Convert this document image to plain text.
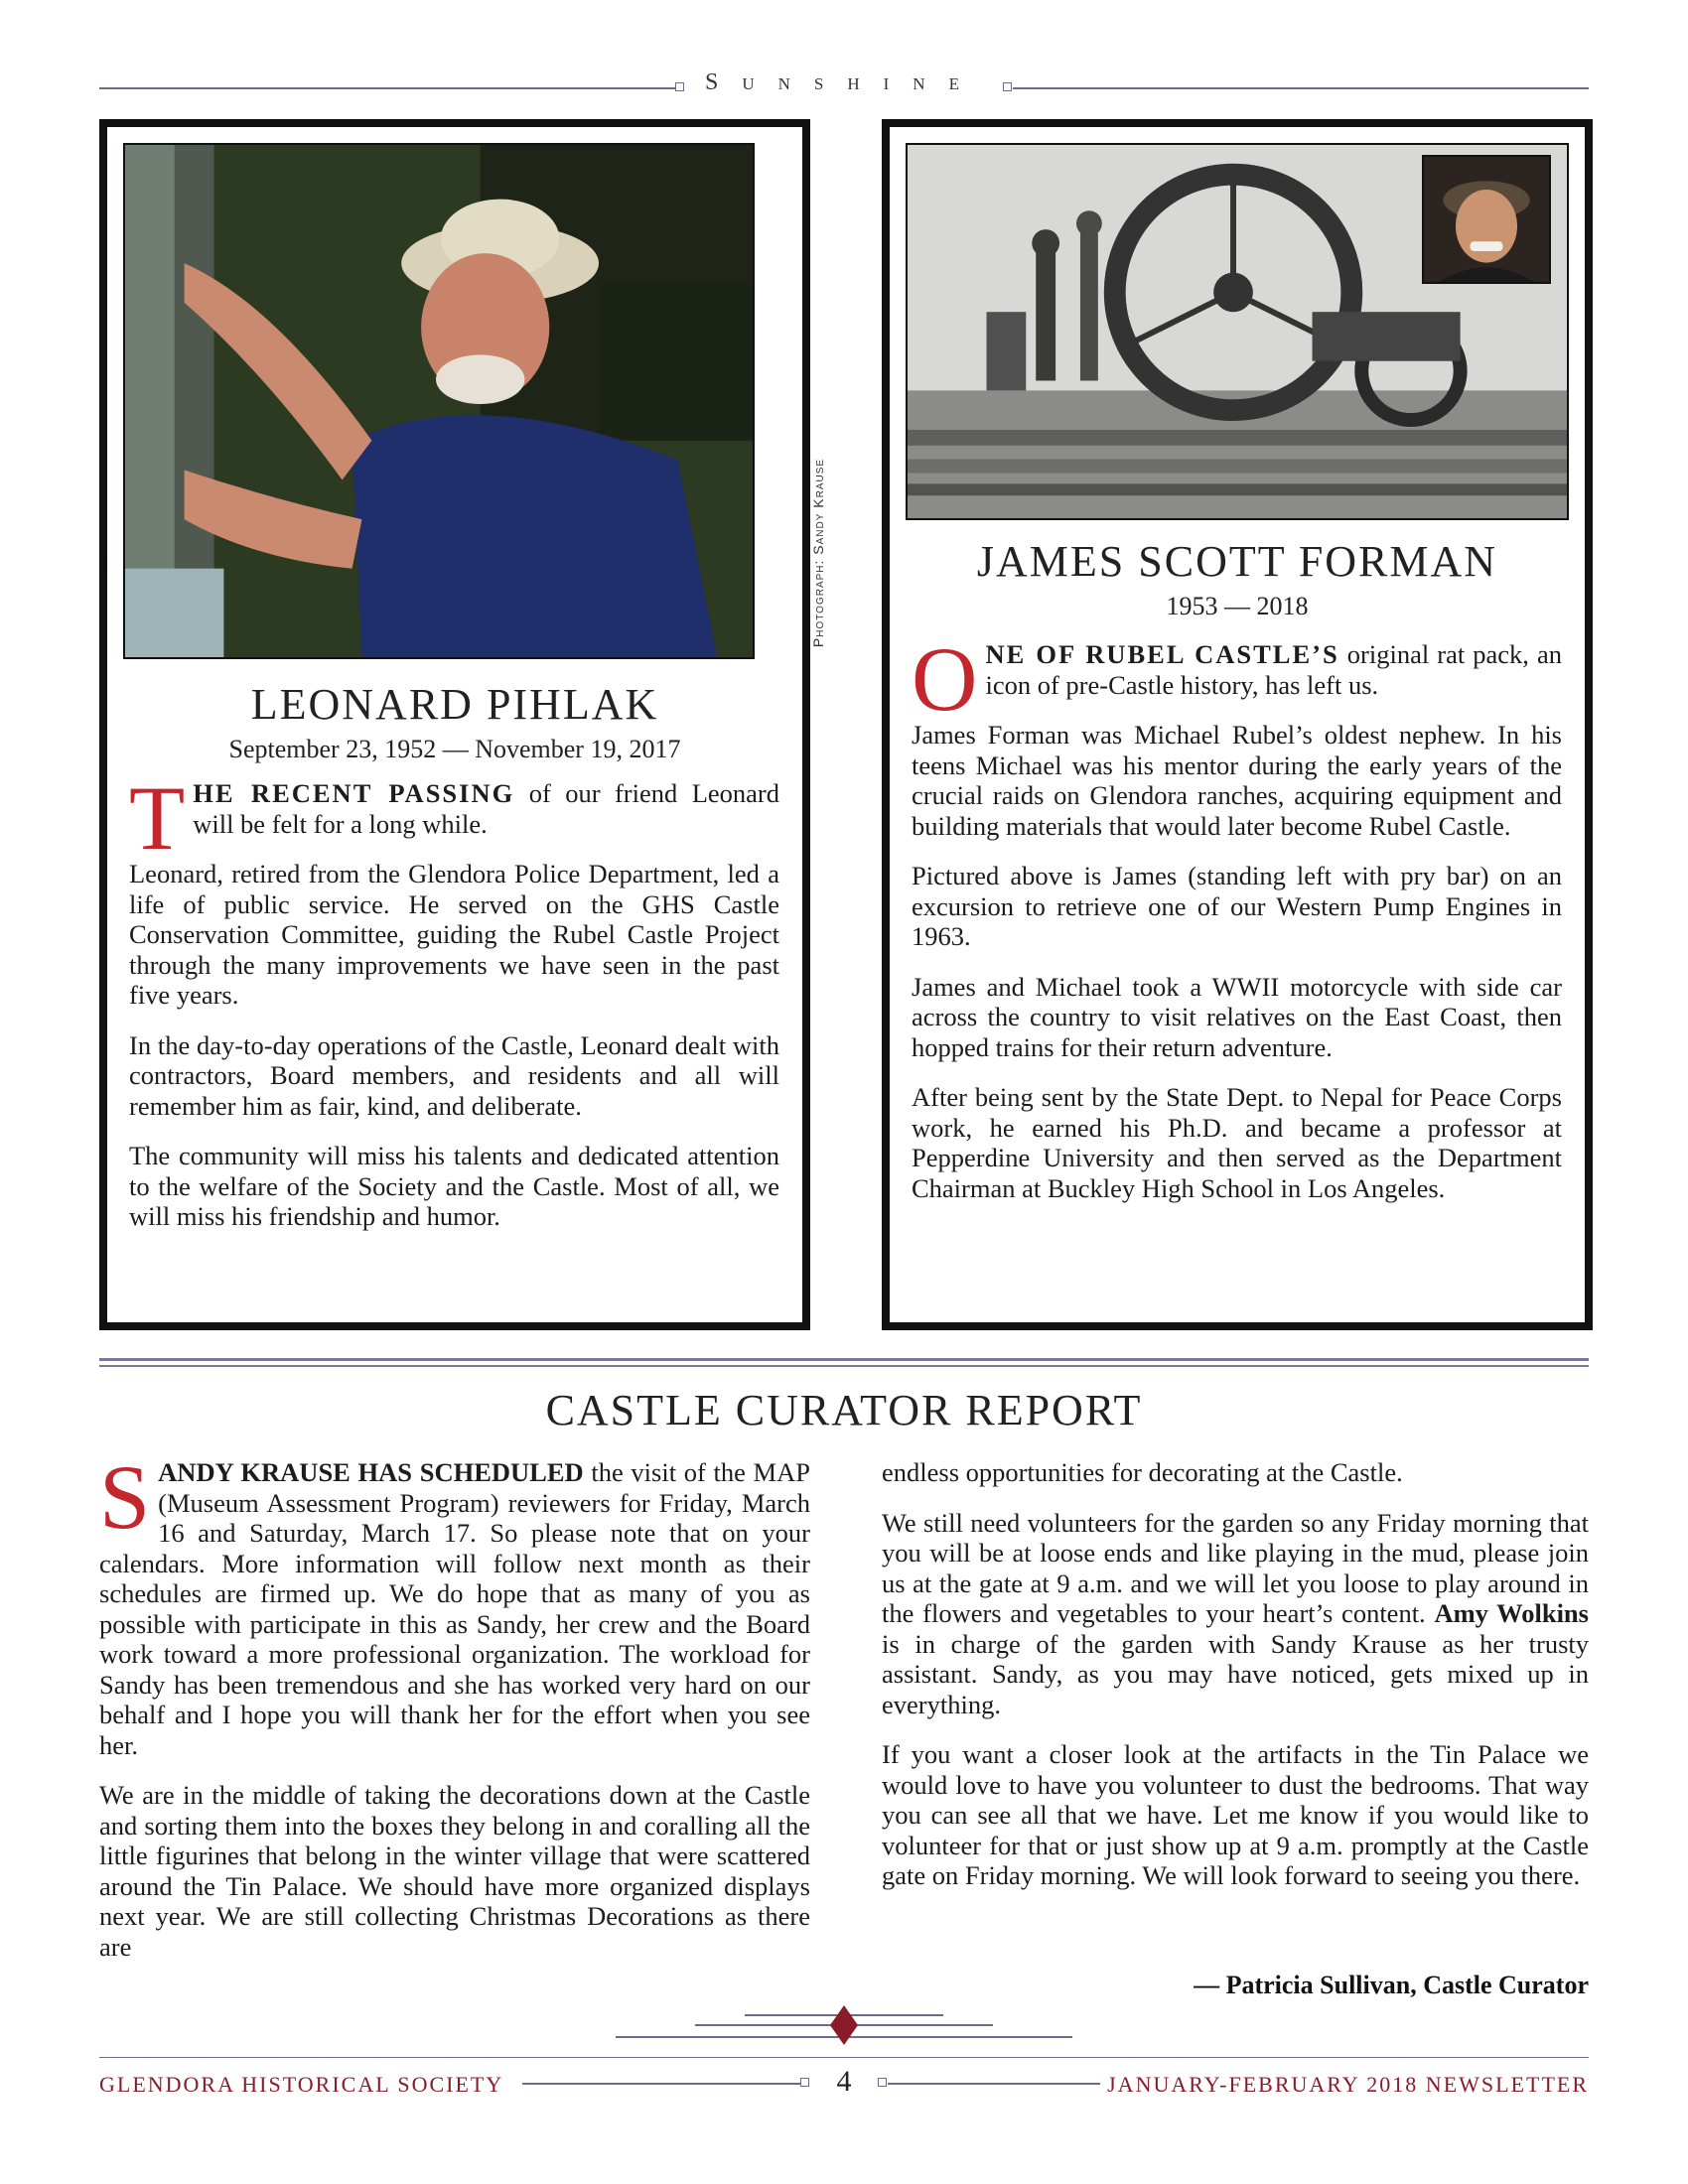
Sunshine
LEONARD PIHLAK
September 23, 1952 — November 19, 2017

THE RECENT PASSING of our friend Leonard will be felt for a long while.

Leonard, retired from the Glendora Police Department, led a life of public service. He served on the GHS Castle Conservation Committee, guiding the Rubel Castle Project through the many improvements we have seen in the past five years.

In the day-to-day operations of the Castle, Leonard dealt with contractors, Board members, and residents and all will remember him as fair, kind, and deliberate.

The community will miss his talents and dedicated attention to the welfare of the Society and the Castle. Most of all, we will miss his friendship and humor.

Photograph: Sandy Krause	JAMES SCOTT FORMAN
1953 — 2018

ONE OF RUBEL CASTLE’S original rat pack, an icon of pre-Castle history, has left us.

James Forman was Michael Rubel’s oldest nephew. In his teens Michael was his mentor during the early years of the crucial raids on Glendora ranches, acquiring equipment and building materials that would later become Rubel Castle.

Pictured above is James (standing left with pry bar) on an excursion to retrieve one of our Western Pump Engines in 1963.

James and Michael took a WWII motorcycle with side car across the country to visit relatives on the East Coast, then hopped trains for their return adventure.

After being sent by the State Dept. to Nepal for Peace Corps work, he earned his Ph.D. and became a professor at Pepperdine University and then served as the Department Chairman at Buckley High School in Los Angeles.

CASTLE CURATOR REPORT

SANDY KRAUSE HAS SCHEDULED the visit of the MAP (Museum Assessment Program) reviewers for Friday, March 16 and Saturday, March 17. So please note that on your calendars. More information will follow next month as their schedules are firmed up. We do hope that as many of you as possible with participate in this as Sandy, her crew and the Board work toward a more professional organization. The workload for Sandy has been tremendous and she has worked very hard on our behalf and I hope you will thank her for the effort when you see her.

We are in the middle of taking the decorations down at the Castle and sorting them into the boxes they belong in and coralling all the little figurines that belong in the winter village that were scattered around the Tin Palace. We should have more organized displays next year. We are still collecting Christmas Decorations as there are

endless opportunities for decorating at the Castle.

We still need volunteers for the garden so any Friday morning that you will be at loose ends and like playing in the mud, please join us at the gate at 9 a.m. and we will let you loose to play around in the flowers and vegetables to your heart’s content. Amy Wolkins is in charge of the garden with Sandy Krause as her trusty assistant. Sandy, as you may have noticed, gets mixed up in everything.

If you want a closer look at the artifacts in the Tin Palace we would love to have you volunteer to dust the bedrooms. That way you can see all that we have. Let me know if you would like to volunteer for that or just show up at 9 a.m. promptly at the Castle gate on Friday morning. We will look forward to seeing you there.

— Patricia Sullivan, Castle Curator
GLENDORA HISTORICAL SOCIETY	4	JANUARY-FEBRUARY 2018 NEWSLETTER
